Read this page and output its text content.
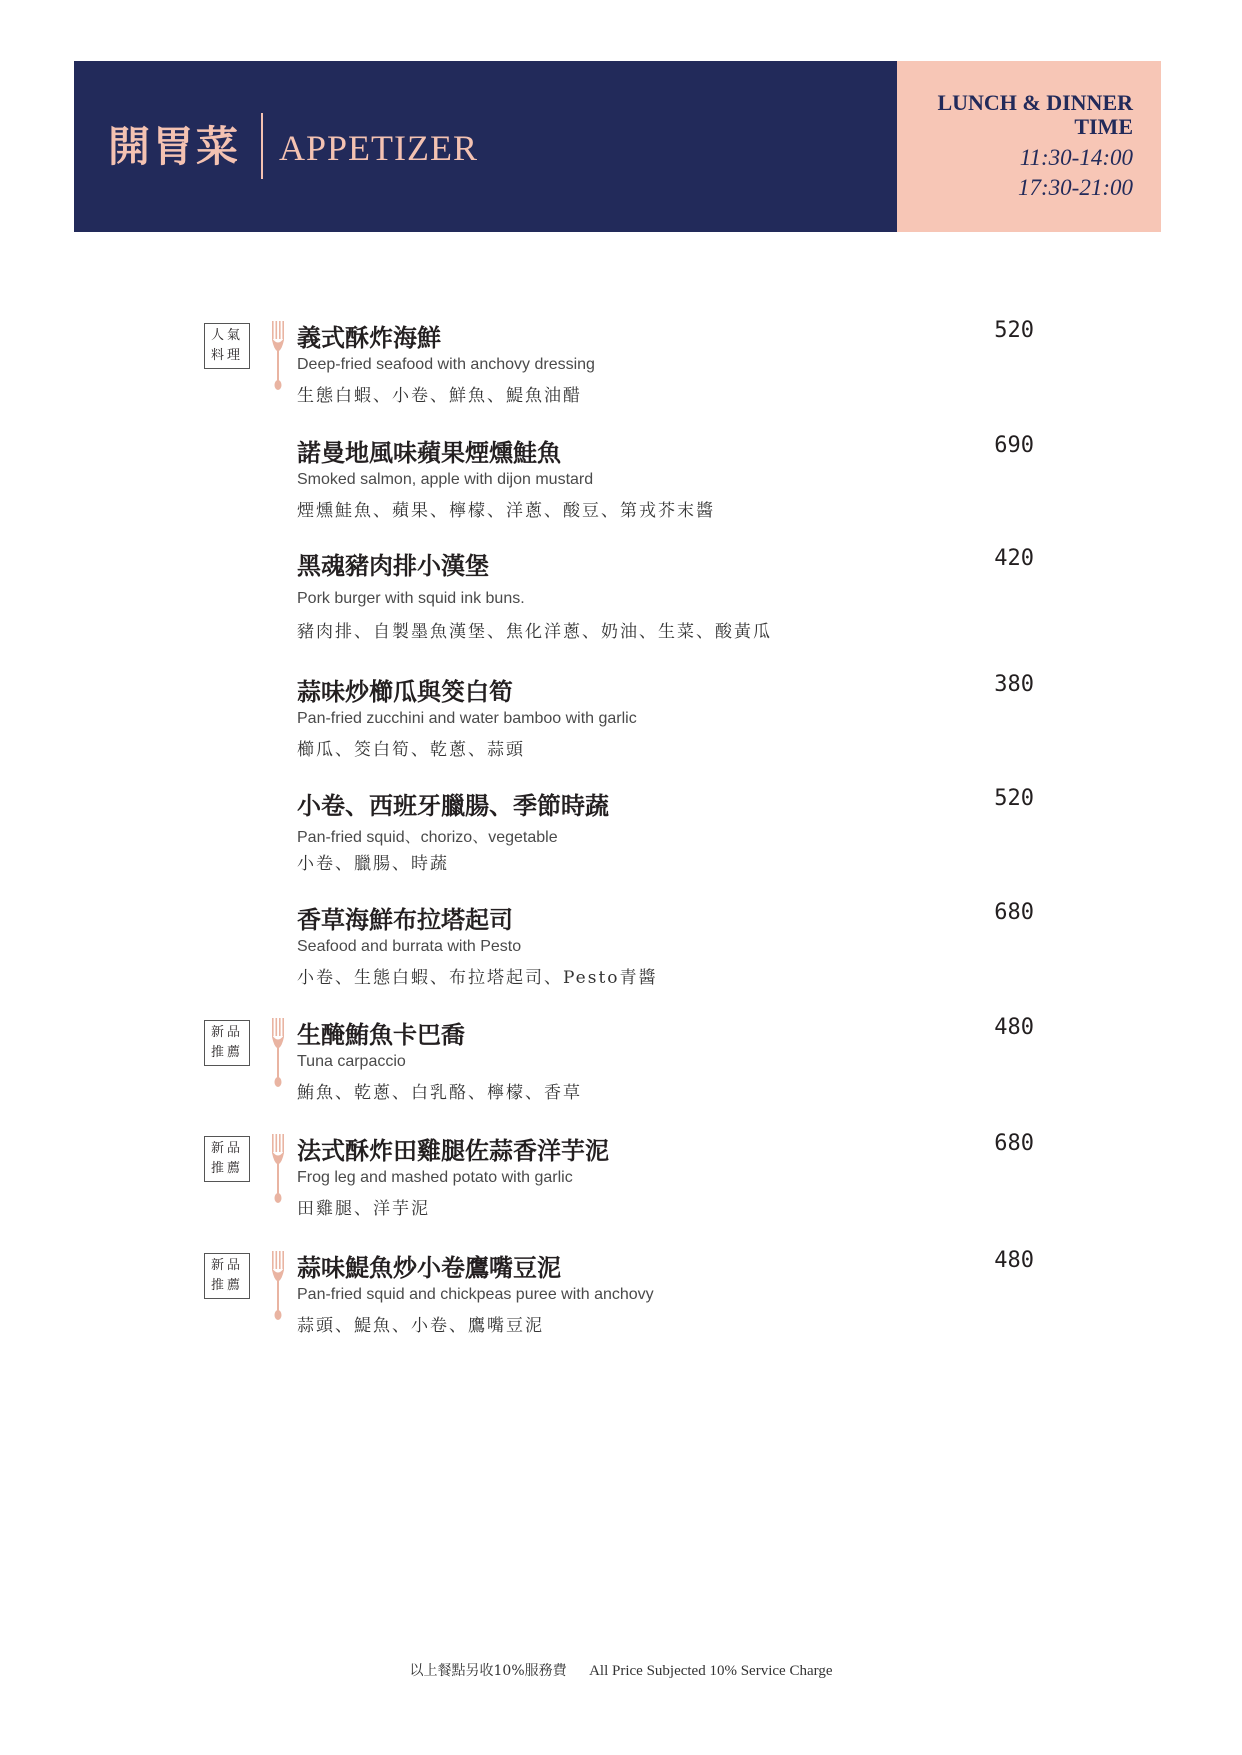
開胃菜 APPETIZER
LUNCH & DINNER
TIME
11:30-14:00
17:30-21:00
人氣
料理
義式酥炸海鮮
Deep-fried seafood with anchovy dressing
生態白蝦、小卷、鮮魚、鯷魚油醋
520
諾曼地風味蘋果煙燻鮭魚
Smoked salmon, apple with dijon mustard
煙燻鮭魚、蘋果、檸檬、洋蔥、酸豆、第戎芥末醬
690
黑魂豬肉排小漢堡
Pork burger with squid ink buns.
豬肉排、自製墨魚漢堡、焦化洋蔥、奶油、生菜、酸黃瓜
420
蒜味炒櫛瓜與筊白筍
Pan-fried zucchini and water bamboo with garlic
櫛瓜、筊白筍、乾蔥、蒜頭
380
小卷、西班牙臘腸、季節時蔬
Pan-fried squid、chorizo、vegetable
小卷、臘腸、時蔬
520
香草海鮮布拉塔起司
Seafood and burrata with Pesto
小卷、生態白蝦、布拉塔起司、Pesto青醬
680
新品
推薦
生醃鮪魚卡巴喬
Tuna carpaccio
鮪魚、乾蔥、白乳酪、檸檬、香草
480
新品
推薦
法式酥炸田雞腿佐蒜香洋芋泥
Frog leg and mashed potato with garlic
田雞腿、洋芋泥
680
新品
推薦
蒜味鯷魚炒小卷鷹嘴豆泥
Pan-fried squid and chickpeas puree with anchovy
蒜頭、鯷魚、小卷、鷹嘴豆泥
480
以上餐點另收10%服務費 All Price Subjected 10% Service Charge
